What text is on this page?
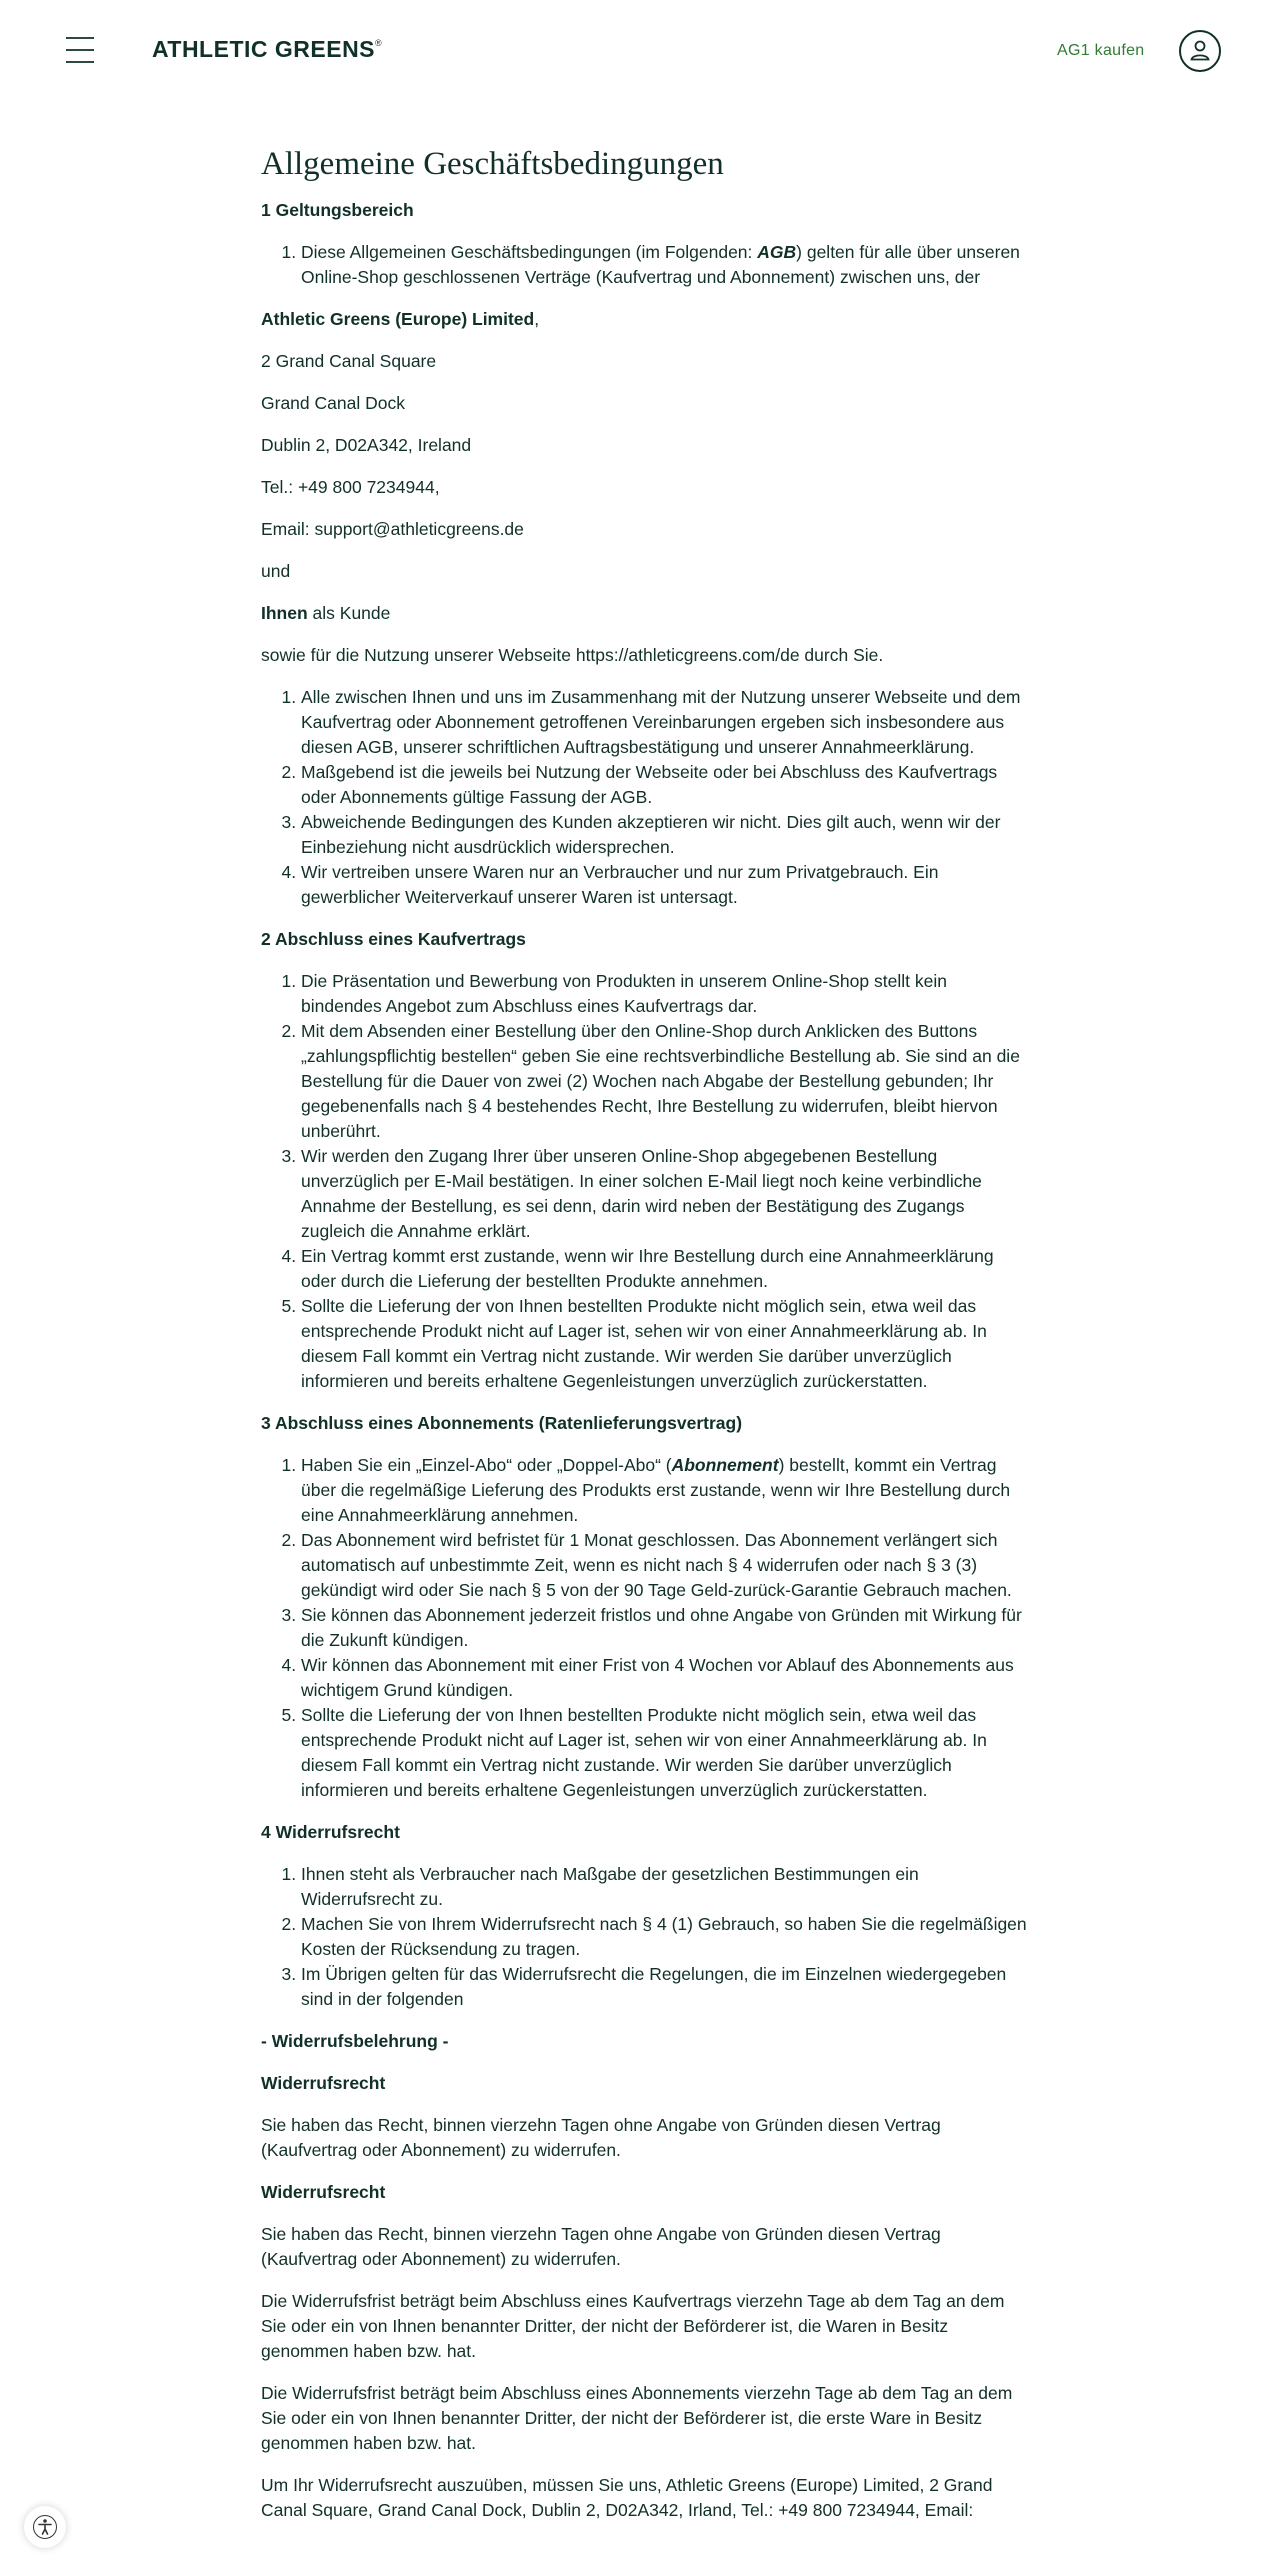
ATHLETIC GREENS®	AG1 kaufen
Allgemeine Geschäftsbedingungen
1 Geltungsbereich
1. Diese Allgemeinen Geschäftsbedingungen (im Folgenden: AGB) gelten für alle über unseren Online-Shop geschlossenen Verträge (Kaufvertrag und Abonnement) zwischen uns, der

Athletic Greens (Europe) Limited,

2 Grand Canal Square

Grand Canal Dock

Dublin 2, D02A342, Ireland

Tel.: +49 800 7234944,

Email: support@athleticgreens.de

und

Ihnen als Kunde

sowie für die Nutzung unserer Webseite https://athleticgreens.com/de durch Sie.

1. Alle zwischen Ihnen und uns im Zusammenhang mit der Nutzung unserer Webseite und dem Kaufvertrag oder Abonnement getroffenen Vereinbarungen ergeben sich insbesondere aus diesen AGB, unserer schriftlichen Auftragsbestätigung und unserer Annahmeerklärung.
2. Maßgebend ist die jeweils bei Nutzung der Webseite oder bei Abschluss des Kaufvertrags oder Abonnements gültige Fassung der AGB.
3. Abweichende Bedingungen des Kunden akzeptieren wir nicht. Dies gilt auch, wenn wir der Einbeziehung nicht ausdrücklich widersprechen.
4. Wir vertreiben unsere Waren nur an Verbraucher und nur zum Privatgebrauch. Ein gewerblicher Weiterverkauf unserer Waren ist untersagt.
2 Abschluss eines Kaufvertrags
1. Die Präsentation und Bewerbung von Produkten in unserem Online-Shop stellt kein bindendes Angebot zum Abschluss eines Kaufvertrags dar.
2. Mit dem Absenden einer Bestellung über den Online-Shop durch Anklicken des Buttons „zahlungspflichtig bestellen“ geben Sie eine rechtsverbindliche Bestellung ab. Sie sind an die Bestellung für die Dauer von zwei (2) Wochen nach Abgabe der Bestellung gebunden; Ihr gegebenenfalls nach § 4 bestehendes Recht, Ihre Bestellung zu widerrufen, bleibt hiervon unberührt.
3. Wir werden den Zugang Ihrer über unseren Online-Shop abgegebenen Bestellung unverzüglich per E-Mail bestätigen. In einer solchen E-Mail liegt noch keine verbindliche Annahme der Bestellung, es sei denn, darin wird neben der Bestätigung des Zugangs zugleich die Annahme erklärt.
4. Ein Vertrag kommt erst zustande, wenn wir Ihre Bestellung durch eine Annahmeerklärung oder durch die Lieferung der bestellten Produkte annehmen.
5. Sollte die Lieferung der von Ihnen bestellten Produkte nicht möglich sein, etwa weil das entsprechende Produkt nicht auf Lager ist, sehen wir von einer Annahmeerklärung ab. In diesem Fall kommt ein Vertrag nicht zustande. Wir werden Sie darüber unverzüglich informieren und bereits erhaltene Gegenleistungen unverzüglich zurückerstatten.
3 Abschluss eines Abonnements (Ratenlieferungsvertrag)
1. Haben Sie ein „Einzel-Abo“ oder „Doppel-Abo“ (Abonnement) bestellt, kommt ein Vertrag über die regelmäßige Lieferung des Produkts erst zustande, wenn wir Ihre Bestellung durch eine Annahmeerklärung annehmen.
2. Das Abonnement wird befristet für 1 Monat geschlossen. Das Abonnement verlängert sich automatisch auf unbestimmte Zeit, wenn es nicht nach § 4 widerrufen oder nach § 3 (3) gekündigt wird oder Sie nach § 5 von der 90 Tage Geld-zurück-Garantie Gebrauch machen.
3. Sie können das Abonnement jederzeit fristlos und ohne Angabe von Gründen mit Wirkung für die Zukunft kündigen.
4. Wir können das Abonnement mit einer Frist von 4 Wochen vor Ablauf des Abonnements aus wichtigem Grund kündigen.
5. Sollte die Lieferung der von Ihnen bestellten Produkte nicht möglich sein, etwa weil das entsprechende Produkt nicht auf Lager ist, sehen wir von einer Annahmeerklärung ab. In diesem Fall kommt ein Vertrag nicht zustande. Wir werden Sie darüber unverzüglich informieren und bereits erhaltene Gegenleistungen unverzüglich zurückerstatten.
4 Widerrufsrecht
1. Ihnen steht als Verbraucher nach Maßgabe der gesetzlichen Bestimmungen ein Widerrufsrecht zu.
2. Machen Sie von Ihrem Widerrufsrecht nach § 4 (1) Gebrauch, so haben Sie die regelmäßigen Kosten der Rücksendung zu tragen.
3. Im Übrigen gelten für das Widerrufsrecht die Regelungen, die im Einzelnen wiedergegeben sind in der folgenden

- Widerrufsbelehrung -

Widerrufsrecht

Sie haben das Recht, binnen vierzehn Tagen ohne Angabe von Gründen diesen Vertrag (Kaufvertrag oder Abonnement) zu widerrufen.

Widerrufsrecht

Sie haben das Recht, binnen vierzehn Tagen ohne Angabe von Gründen diesen Vertrag (Kaufvertrag oder Abonnement) zu widerrufen.

Die Widerrufsfrist beträgt beim Abschluss eines Kaufvertrags vierzehn Tage ab dem Tag an dem Sie oder ein von Ihnen benannter Dritter, der nicht der Beförderer ist, die Waren in Besitz genommen haben bzw. hat.

Die Widerrufsfrist beträgt beim Abschluss eines Abonnements vierzehn Tage ab dem Tag an dem Sie oder ein von Ihnen benannter Dritter, der nicht der Beförderer ist, die erste Ware in Besitz genommen haben bzw. hat.

Um Ihr Widerrufsrecht auszuüben, müssen Sie uns, Athletic Greens (Europe) Limited, 2 Grand Canal Square, Grand Canal Dock, Dublin 2, D02A342, Irland, Tel.: +49 800 7234944, Email:
